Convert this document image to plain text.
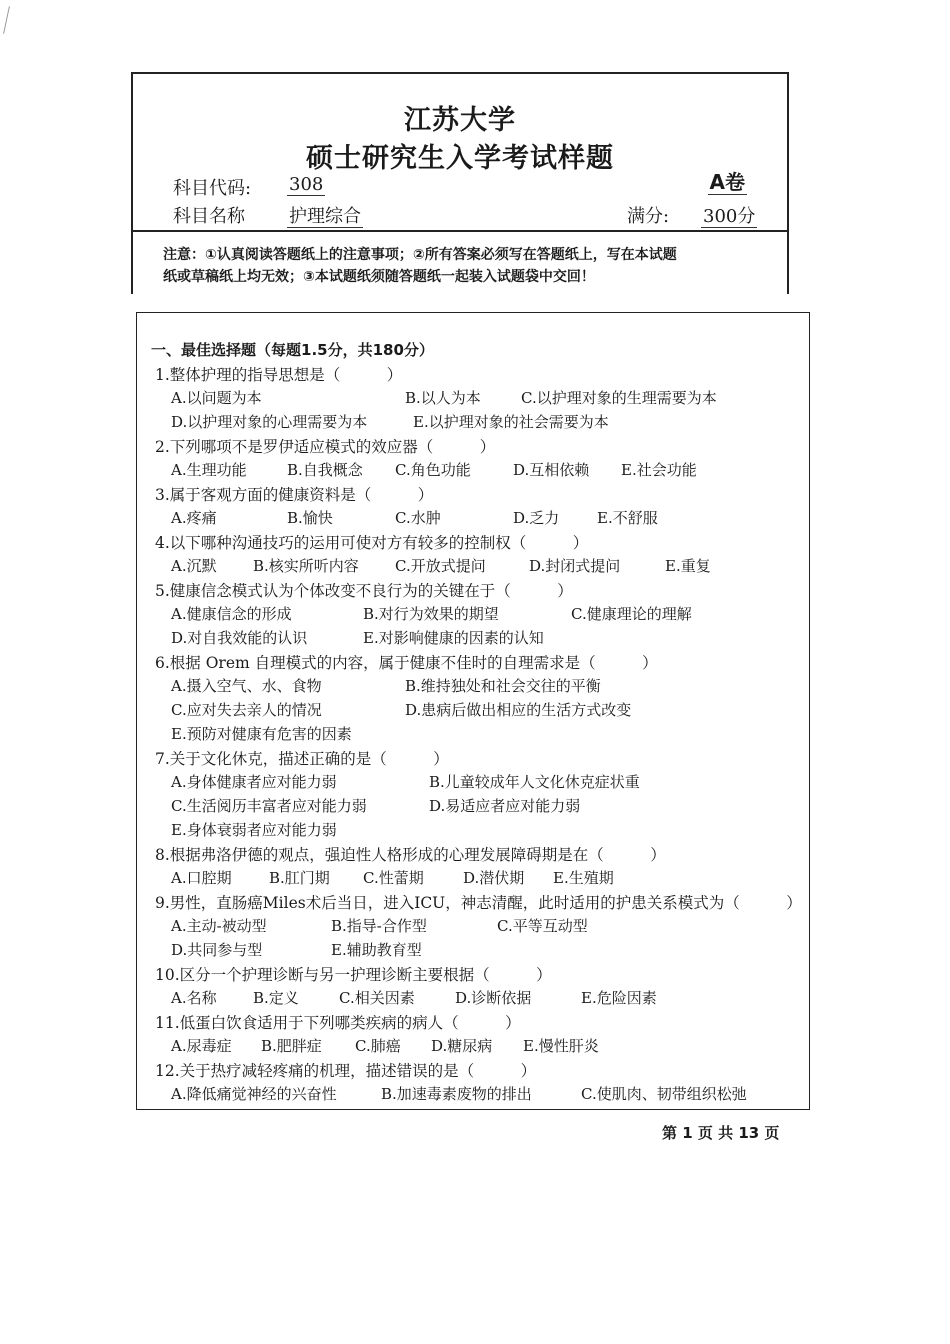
江苏大学
硕士研究生入学考试样题
科目代码: 308	A卷
科目名称 护理综合	满分: 300分
注意：①认真阅读答题纸上的注意事项；②所有答案必须写在答题纸上，写在本试题
纸或草稿纸上均无效；③本试题纸须随答题纸一起装入试题袋中交回！
一、最佳选择题（每题1.5分，共180分）
1.整体护理的指导思想是（　　　）
A.以问题为本	B.以人为本	C.以护理对象的生理需要为本
D.以护理对象的心理需要为本	E.以护理对象的社会需要为本
2.下列哪项不是罗伊适应模式的效应器（　　　）
A.生理功能	B.自我概念 C.角色功能	D.互相依赖 E.社会功能
3.属于客观方面的健康资料是（　　　）
A.疼痛	B.愉快	C.水肿	D.乏力	E.不舒服
4.以下哪种沟通技巧的运用可使对方有较多的控制权（　　　）
A.沉默 B.核实所听内容 C.开放式提问	D.封闭式提问	E.重复
5.健康信念模式认为个体改变不良行为的关键在于（　　　）
A.健康信念的形成	B.对行为效果的期望	C.健康理论的理解
D.对自我效能的认识	E.对影响健康的因素的认知
6.根据 Orem 自理模式的内容，属于健康不佳时的自理需求是（　　　）
A.摄入空气、水、食物	B.维持独处和社会交往的平衡
C.应对失去亲人的情况	D.患病后做出相应的生活方式改变
E.预防对健康有危害的因素
7.关于文化休克，描述正确的是（　　　）
A.身体健康者应对能力弱	B.儿童较成年人文化休克症状重
C.生活阅历丰富者应对能力弱	D.易适应者应对能力弱
E.身体衰弱者应对能力弱
8.根据弗洛伊德的观点，强迫性人格形成的心理发展障碍期是在（　　　）
A.口腔期 B.肛门期 C.性蕾期	D.潜伏期 E.生殖期
9.男性，直肠癌Miles术后当日，进入ICU，神志清醒，此时适用的护患关系模式为（　　　）
A.主动-被动型	B.指导-合作型	C.平等互动型
D.共同参与型	E.辅助教育型
10.区分一个护理诊断与另一护理诊断主要根据（　　　）
A.名称 B.定义	C.相关因素	D.诊断依据	E.危险因素
11.低蛋白饮食适用于下列哪类疾病的病人（　　　）
A.尿毒症 B.肥胖症 C.肺癌 D.糖尿病 E.慢性肝炎
12.关于热疗减轻疼痛的机理，描述错误的是（　　　）
A.降低痛觉神经的兴奋性	B.加速毒素废物的排出	C.使肌肉、韧带组织松弛
第 1 页 共 13 页
